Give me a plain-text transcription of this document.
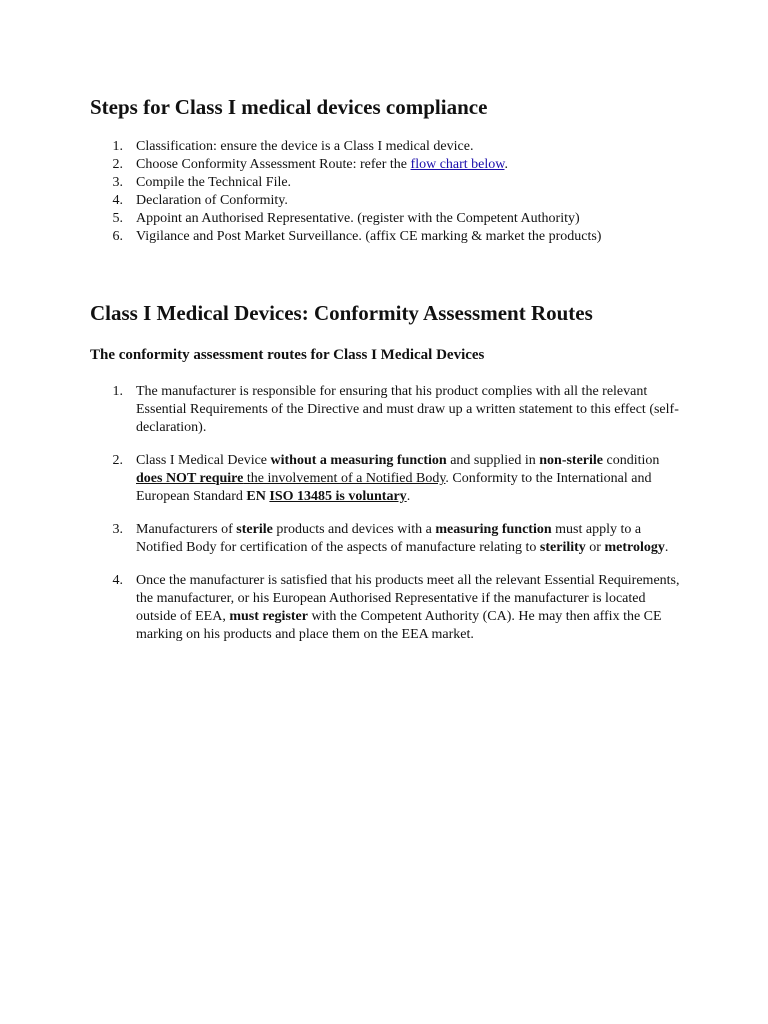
Steps for Class I medical devices compliance
1. Classification: ensure the device is a Class I medical device.
2. Choose Conformity Assessment Route: refer the flow chart below.
3. Compile the Technical File.
4. Declaration of Conformity.
5. Appoint an Authorised Representative. (register with the Competent Authority)
6. Vigilance and Post Market Surveillance. (affix CE marking & market the products)
Class I Medical Devices: Conformity Assessment Routes
The conformity assessment routes for Class I Medical Devices
1. The manufacturer is responsible for ensuring that his product complies with all the relevant Essential Requirements of the Directive and must draw up a written statement to this effect (self-declaration).

2. Class I Medical Device without a measuring function and supplied in non-sterile condition does NOT require the involvement of a Notified Body. Conformity to the International and European Standard EN ISO 13485 is voluntary.

3. Manufacturers of sterile products and devices with a measuring function must apply to a Notified Body for certification of the aspects of manufacture relating to sterility or metrology.

4. Once the manufacturer is satisfied that his products meet all the relevant Essential Requirements, the manufacturer, or his European Authorised Representative if the manufacturer is located outside of EEA, must register with the Competent Authority (CA). He may then affix the CE marking on his products and place them on the EEA market.
